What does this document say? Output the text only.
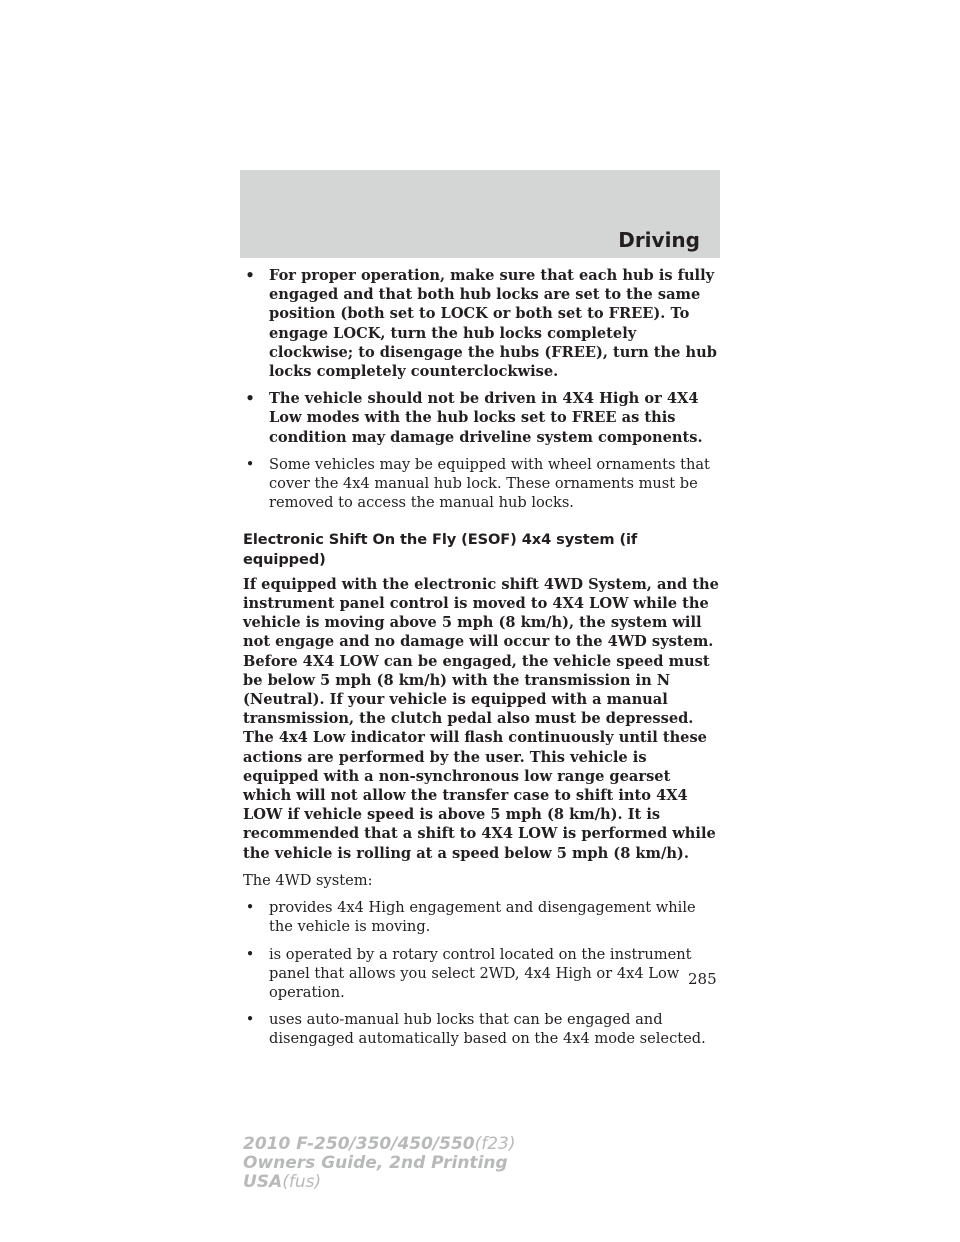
Driving
• For proper operation, make sure that each hub is fully engaged and that both hub locks are set to the same position (both set to LOCK or both set to FREE). To engage LOCK, turn the hub locks completely clockwise; to disengage the hubs (FREE), turn the hub locks completely counterclockwise.
• The vehicle should not be driven in 4X4 High or 4X4 Low modes with the hub locks set to FREE as this condition may damage driveline system components.
• Some vehicles may be equipped with wheel ornaments that cover the 4x4 manual hub lock. These ornaments must be removed to access the manual hub locks.
Electronic Shift On the Fly (ESOF) 4x4 system (if equipped)

If equipped with the electronic shift 4WD System, and the instrument panel control is moved to 4X4 LOW while the vehicle is moving above 5 mph (8 km/h), the system will not engage and no damage will occur to the 4WD system. Before 4X4 LOW can be engaged, the vehicle speed must be below 5 mph (8 km/h) with the transmission in N (Neutral). If your vehicle is equipped with a manual transmission, the clutch pedal also must be depressed. The 4x4 Low indicator will flash continuously until these actions are performed by the user. This vehicle is equipped with a non-synchronous low range gearset which will not allow the transfer case to shift into 4X4 LOW if vehicle speed is above 5 mph (8 km/h). It is recommended that a shift to 4X4 LOW is performed while the vehicle is rolling at a speed below 5 mph (8 km/h).

The 4WD system:

• provides 4x4 High engagement and disengagement while the vehicle is moving.
• is operated by a rotary control located on the instrument panel that allows you select 2WD, 4x4 High or 4x4 Low operation.
• uses auto-manual hub locks that can be engaged and disengaged automatically based on the 4x4 mode selected.
285
2010 F-250/350/450/550(f23)
Owners Guide, 2nd Printing
USA(fus)
